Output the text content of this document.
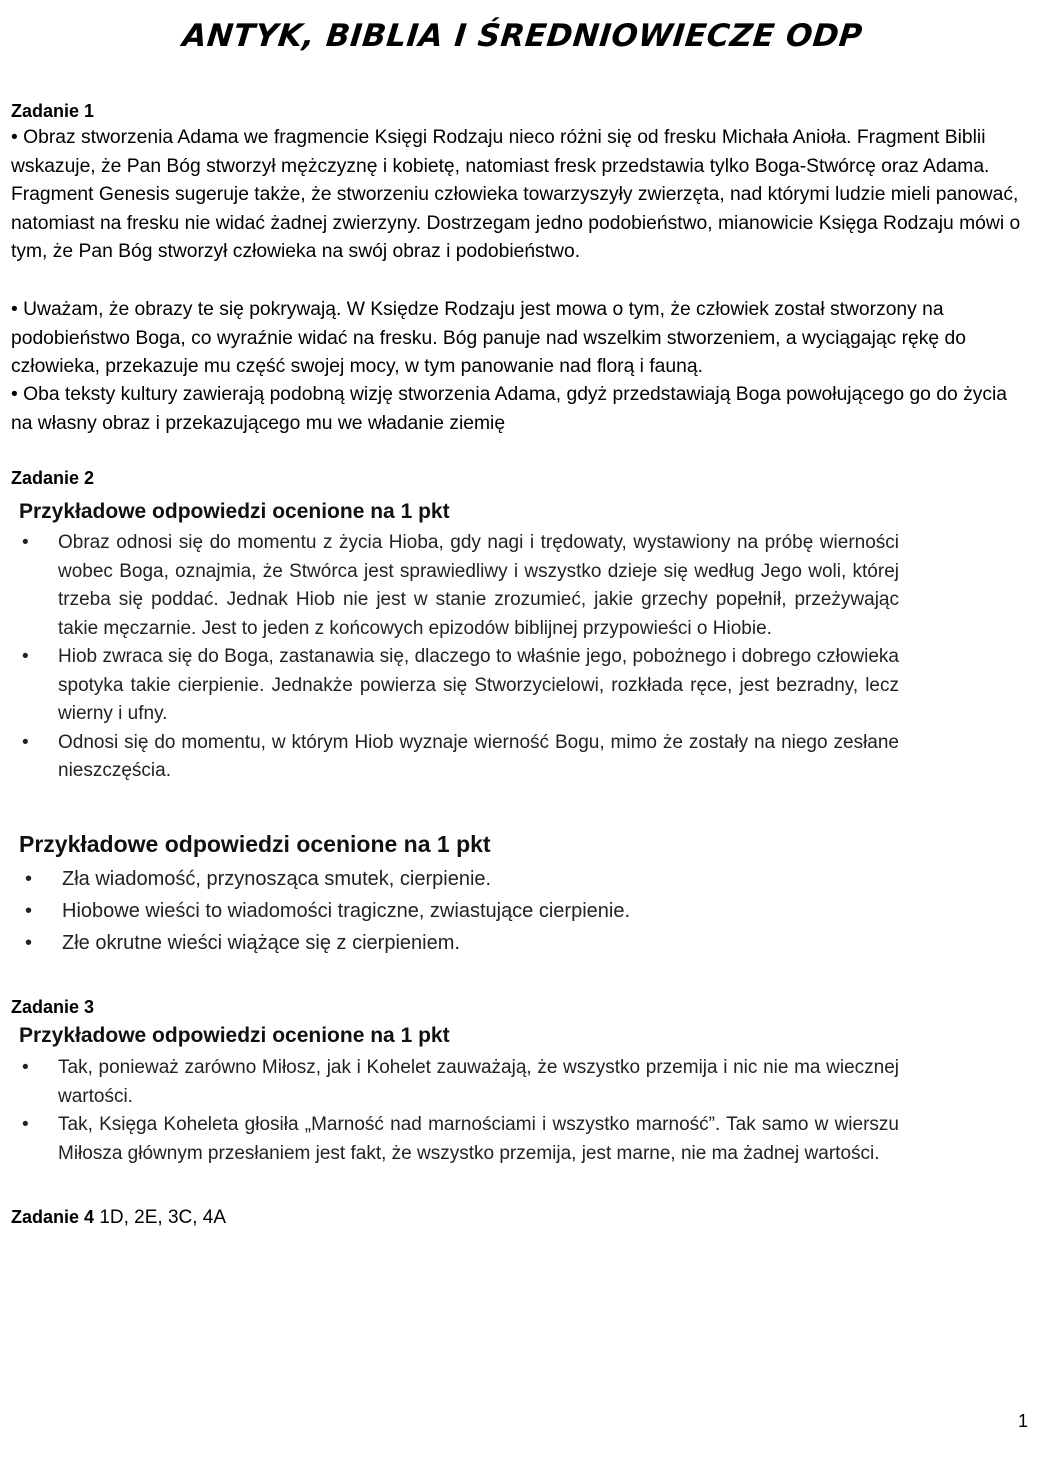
ANTYK, BIBLIA I ŚREDNIOWIECZE ODP
Zadanie 1

• Obraz stworzenia Adama we fragmencie Księgi Rodzaju nieco różni się od fresku Michała Anioła. Fragment Biblii wskazuje, że Pan Bóg stworzył mężczyznę i kobietę, natomiast fresk przedstawia tylko Boga-Stwórcę oraz Adama. Fragment Genesis sugeruje także, że stworzeniu człowieka towarzyszyły zwierzęta, nad którymi ludzie mieli panować, natomiast na fresku nie widać żadnej zwierzyny. Dostrzegam jedno podobieństwo, mianowicie Księga Rodzaju mówi o tym, że Pan Bóg stworzył człowieka na swój obraz i podobieństwo.

• Uważam, że obrazy te się pokrywają. W Księdze Rodzaju jest mowa o tym, że człowiek został stworzony na podobieństwo Boga, co wyraźnie widać na fresku. Bóg panuje nad wszelkim stworzeniem, a wyciągając rękę do człowieka, przekazuje mu część swojej mocy, w tym panowanie nad florą i fauną.

• Oba teksty kultury zawierają podobną wizję stworzenia Adama, gdyż przedstawiają Boga powołującego go do życia na własny obraz i przekazującego mu we władanie ziemię

Zadanie 2
Przykładowe odpowiedzi ocenione na 1 pkt
• Obraz odnosi się do momentu z życia Hioba, gdy nagi i trędowaty, wystawiony na próbę wierności wobec Boga, oznajmia, że Stwórca jest sprawiedliwy i wszystko dzieje się według Jego woli, której trzeba się poddać. Jednak Hiob nie jest w stanie zrozumieć, jakie grzechy popełnił, przeżywając takie męczarnie. Jest to jeden z końcowych epizodów biblijnej przypowieści o Hiobie.
• Hiob zwraca się do Boga, zastanawia się, dlaczego to właśnie jego, pobożnego i dobrego człowieka spotyka takie cierpienie. Jednakże powierza się Stworzycielowi, rozkłada ręce, jest bezradny, lecz wierny i ufny.
• Odnosi się do momentu, w którym Hiob wyznaje wierność Bogu, mimo że zostały na niego zesłane nieszczęścia.
Przykładowe odpowiedzi ocenione na 1 pkt
• Zła wiadomość, przynosząca smutek, cierpienie.
• Hiobowe wieści to wiadomości tragiczne, zwiastujące cierpienie.
• Złe okrutne wieści wiążące się z cierpieniem.
Zadanie 3
Przykładowe odpowiedzi ocenione na 1 pkt
• Tak, ponieważ zarówno Miłosz, jak i Kohelet zauważają, że wszystko przemija i nic nie ma wiecznej wartości.
• Tak, Księga Koheleta głosiła „Marność nad marnościami i wszystko marność”. Tak samo w wierszu Miłosza głównym przesłaniem jest fakt, że wszystko przemija, jest marne, nie ma żadnej wartości.
Zadanie 4 1D, 2E, 3C, 4A
1
